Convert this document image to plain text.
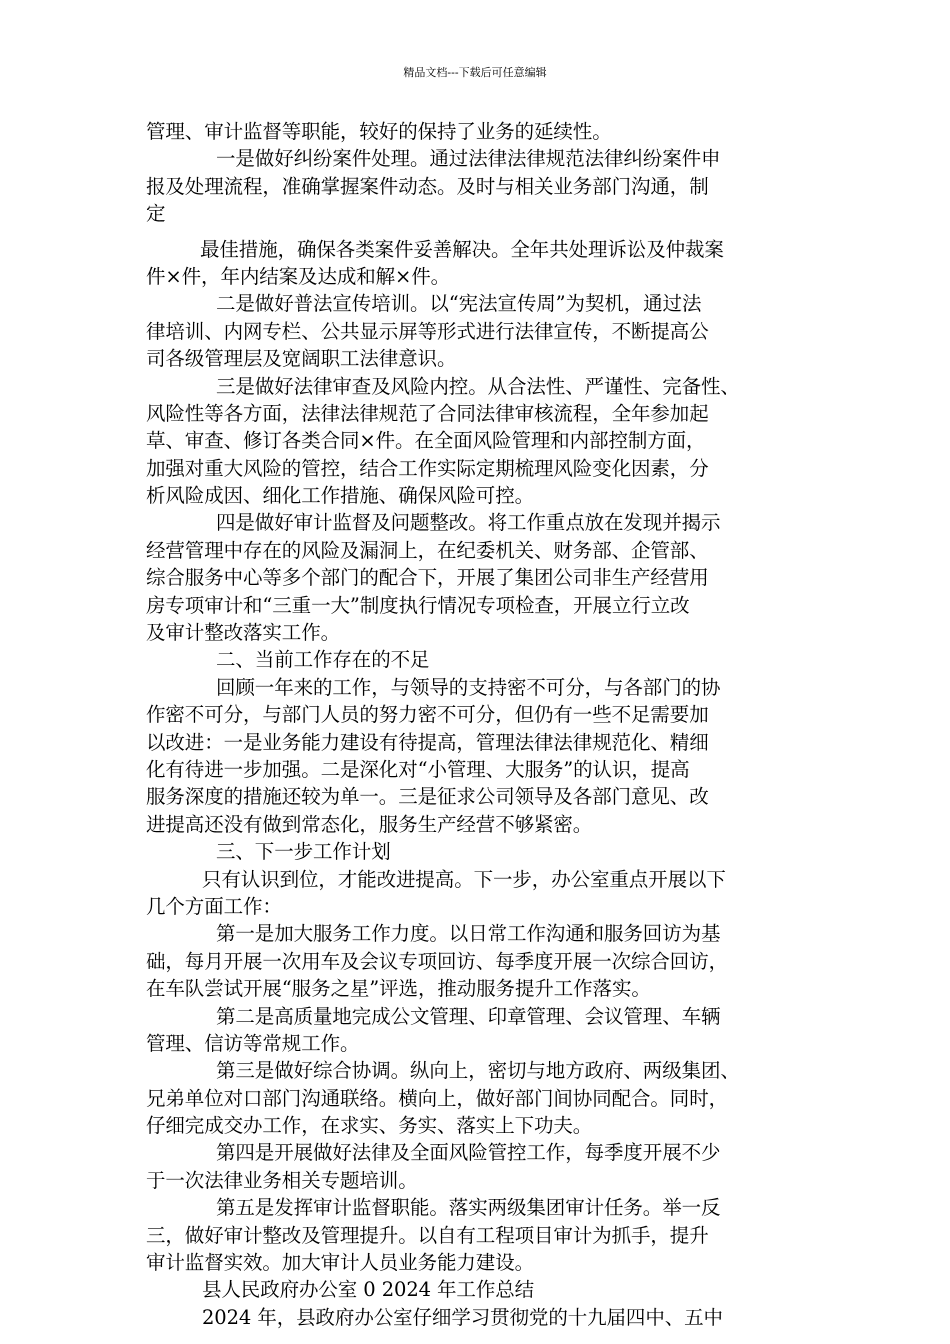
精品文档---下载后可任意编辑
管理、审计监督等职能，较好的保持了业务的延续性。
一是做好纠纷案件处理。通过法律法律规范法律纠纷案件申
报及处理流程，准确掌握案件动态。及时与相关业务部门沟通，制
定
最佳措施，确保各类案件妥善解决。全年共处理诉讼及仲裁案
件×件，年内结案及达成和解×件。
二是做好普法宣传培训。以“宪法宣传周”为契机，通过法
律培训、内网专栏、公共显示屏等形式进行法律宣传，不断提高公
司各级管理层及宽阔职工法律意识。
三是做好法律审查及风险内控。从合法性、严谨性、完备性、
风险性等各方面，法律法律规范了合同法律审核流程，全年参加起
草、审查、修订各类合同×件。在全面风险管理和内部控制方面，
加强对重大风险的管控，结合工作实际定期梳理风险变化因素，分
析风险成因、细化工作措施、确保风险可控。
四是做好审计监督及问题整改。将工作重点放在发现并揭示
经营管理中存在的风险及漏洞上，在纪委机关、财务部、企管部、
综合服务中心等多个部门的配合下，开展了集团公司非生产经营用
房专项审计和“三重一大”制度执行情况专项检查，开展立行立改
及审计整改落实工作。
二、当前工作存在的不足
回顾一年来的工作，与领导的支持密不可分，与各部门的协
作密不可分，与部门人员的努力密不可分，但仍有一些不足需要加
以改进：一是业务能力建设有待提高，管理法律法律规范化、精细
化有待进一步加强。二是深化对“小管理、大服务”的认识，提高
服务深度的措施还较为单一。三是征求公司领导及各部门意见、改
进提高还没有做到常态化，服务生产经营不够紧密。
三、下一步工作计划
只有认识到位，才能改进提高。下一步，办公室重点开展以下
几个方面工作：
第一是加大服务工作力度。以日常工作沟通和服务回访为基
础，每月开展一次用车及会议专项回访、每季度开展一次综合回访，
在车队尝试开展“服务之星”评选，推动服务提升工作落实。
第二是高质量地完成公文管理、印章管理、会议管理、车辆
管理、信访等常规工作。
第三是做好综合协调。纵向上，密切与地方政府、两级集团、
兄弟单位对口部门沟通联络。横向上，做好部门间协同配合。同时，
仔细完成交办工作，在求实、务实、落实上下功夫。
第四是开展做好法律及全面风险管控工作，每季度开展不少
于一次法律业务相关专题培训。
第五是发挥审计监督职能。落实两级集团审计任务。举一反
三，做好审计整改及管理提升。以自有工程项目审计为抓手，提升
审计监督实效。加大审计人员业务能力建设。
县人民政府办公室 0 2024 年工作总结
2024 年，县政府办公室仔细学习贯彻党的十九届四中、五中
